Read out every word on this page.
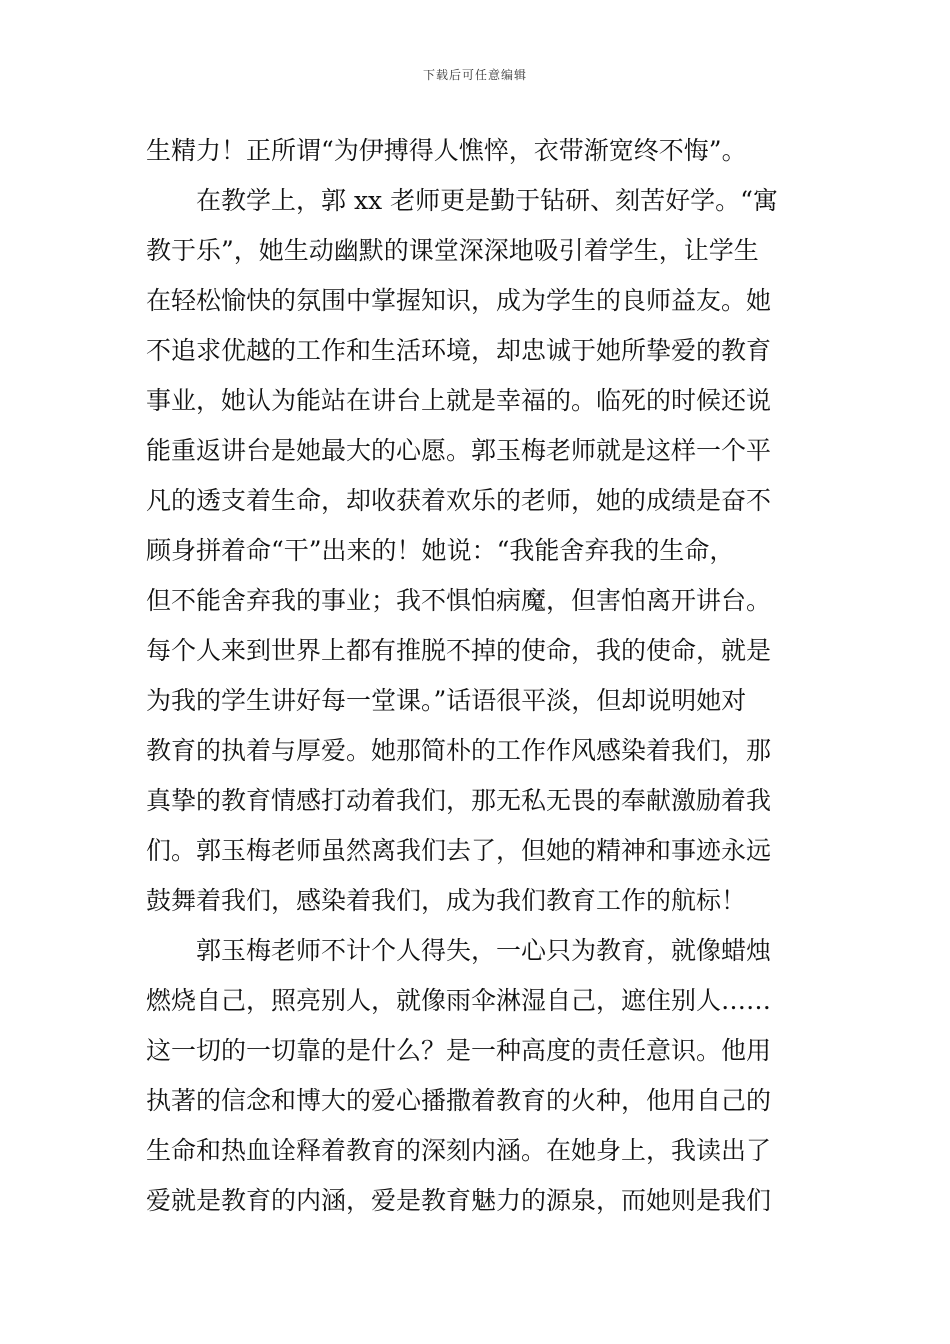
下载后可任意编辑
生精力！正所谓“为伊搏得人憔悴，衣带渐宽终不悔”。
在教学上，郭 xx 老师更是勤于钻研、刻苦好学。“寓
教于乐”，她生动幽默的课堂深深地吸引着学生，让学生
在轻松愉快的氛围中掌握知识，成为学生的良师益友。她
不追求优越的工作和生活环境，却忠诚于她所挚爱的教育
事业，她认为能站在讲台上就是幸福的。临死的时候还说
能重返讲台是她最大的心愿。郭玉梅老师就是这样一个平
凡的透支着生命，却收获着欢乐的老师，她的成绩是奋不
顾身拼着命“干”出来的！她说：“我能舍弃我的生命，
但不能舍弃我的事业；我不惧怕病魔，但害怕离开讲台。
每个人来到世界上都有推脱不掉的使命，我的使命，就是
为我的学生讲好每一堂课。”话语很平淡，但却说明她对
教育的执着与厚爱。她那简朴的工作作风感染着我们，那
真挚的教育情感打动着我们，那无私无畏的奉献激励着我
们。郭玉梅老师虽然离我们去了，但她的精神和事迹永远
鼓舞着我们，感染着我们，成为我们教育工作的航标！
郭玉梅老师不计个人得失，一心只为教育，就像蜡烛
燃烧自己，照亮别人，就像雨伞淋湿自己，遮住别人……
这一切的一切靠的是什么？是一种高度的责任意识。他用
执著的信念和博大的爱心播撒着教育的火种，他用自己的
生命和热血诠释着教育的深刻内涵。在她身上，我读出了
爱就是教育的内涵，爱是教育魅力的源泉，而她则是我们
